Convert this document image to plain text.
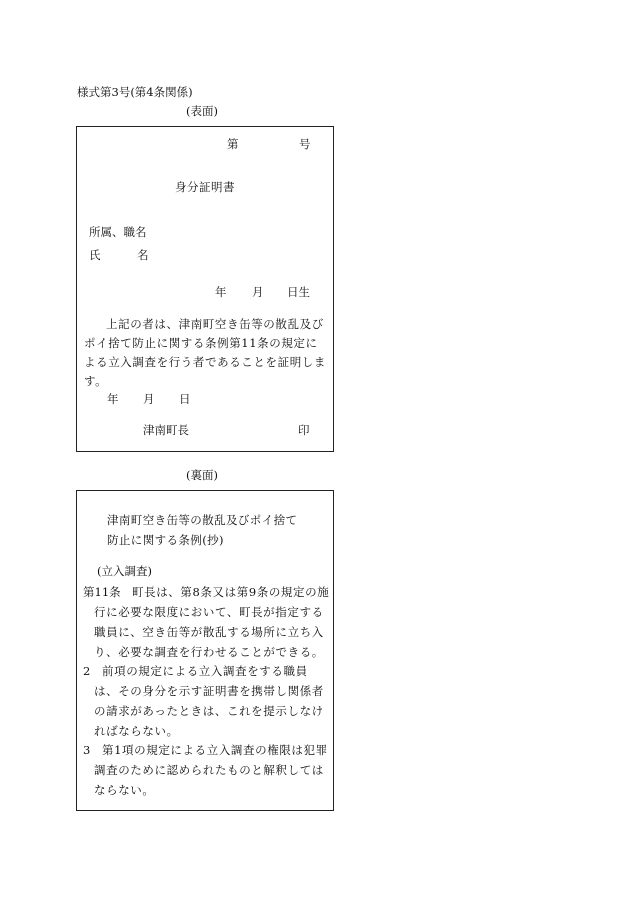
様式第3号(第4条関係)
(表面)
第	号
身分証明書
所属、職名
氏	名
年 月 日生
上記の者は、津南町空き缶等の散乱及びポイ捨て防止に関する条例第11条の規定による立入調査を行う者であることを証明します。
年 月 日
津南町長	印
(裏面)
津南町空き缶等の散乱及びポイ捨て
防止に関する条例(抄)
(立入調査)
第11条 町長は、第8条又は第9条の規定の施行に必要な限度において、町長が指定する職員に、空き缶等が散乱する場所に立ち入り、必要な調査を行わせることができる。
2	前項の規定による立入調査をする職員は、その身分を示す証明書を携帯し関係者の請求があったときは、これを提示しなければならない。
3	第1項の規定による立入調査の権限は犯罪調査のために認められたものと解釈してはならない。
